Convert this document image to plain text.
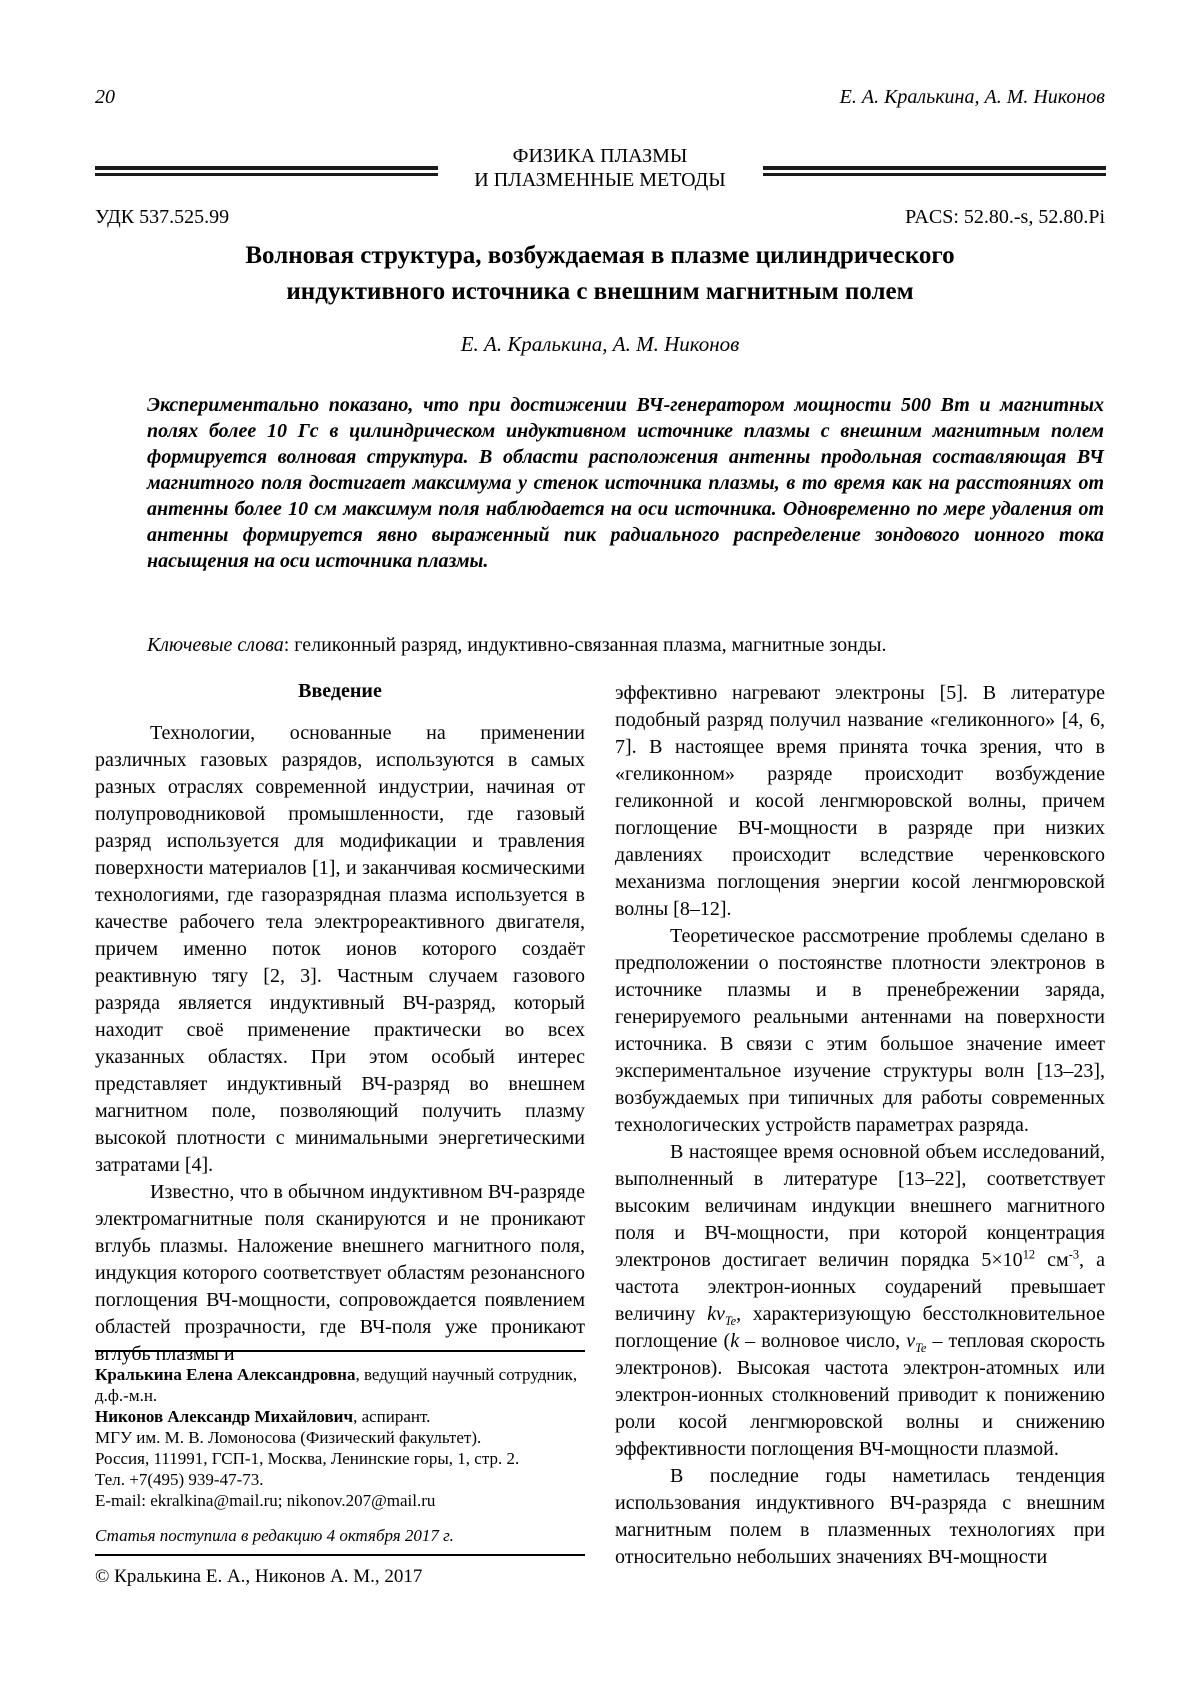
20	Е. А. Кралькина, А. М. Никонов
ФИЗИКА ПЛАЗМЫ
И ПЛАЗМЕННЫЕ МЕТОДЫ
УДК 537.525.99	PACS: 52.80.-s, 52.80.Pi
Волновая структура, возбуждаемая в плазме цилиндрического
индуктивного источника с внешним магнитным полем
Е. А. Кралькина, А. М. Никонов
Экспериментально показано, что при достижении ВЧ-генератором мощности 500 Вт и магнитных полях более 10 Гс в цилиндрическом индуктивном источнике плазмы с внешним магнитным полем формируется волновая структура. В области расположения антенны продольная составляющая ВЧ магнитного поля достигает максимума у стенок источника плазмы, в то время как на расстояниях от антенны более 10 см максимум поля наблюдается на оси источника. Одновременно по мере удаления от антенны формируется явно выраженный пик радиального распределение зондового ионного тока насыщения на оси источника плазмы.
Ключевые слова: геликонный разряд, индуктивно-связанная плазма, магнитные зонды.
Введение

Технологии, основанные на применении различных газовых разрядов, используются в самых разных отраслях современной индустрии, начиная от полупроводниковой промышленности, где газовый разряд используется для модификации и травления поверхности материалов [1], и заканчивая космическими технологиями, где газоразрядная плазма используется в качестве рабочего тела электрореактивного двигателя, причем именно поток ионов которого создаёт реактивную тягу [2, 3]. Частным случаем газового разряда является индуктивный ВЧ-разряд, который находит своё применение практически во всех указанных областях. При этом особый интерес представляет индуктивный ВЧ-разряд во внешнем магнитном поле, позволяющий получить плазму высокой плотности с минимальными энергетическими затратами [4].

Известно, что в обычном индуктивном ВЧ-разряде электромагнитные поля сканируются и не проникают вглубь плазмы. Наложение внешнего магнитного поля, индукция которого соответствует областям резонансного поглощения ВЧ-мощности, сопровождается появлением областей прозрачности, где ВЧ-поля уже проникают вглубь плазмы и

Кралькина Елена Александровна, ведущий научный сотрудник, д.ф.-м.н.

Никонов Александр Михайлович, аспирант.

МГУ им. М. В. Ломоносова (Физический факультет).

Россия, 111991, ГСП-1, Москва, Ленинские горы, 1, стр. 2.

Тел. +7(495) 939-47-73.

E-mail: ekralkina@mail.ru; nikonov.207@mail.ru

Статья поступила в редакцию 4 октября 2017 г.

© Кралькина Е. А., Никонов А. М., 2017

эффективно нагревают электроны [5]. В литературе подобный разряд получил название «геликонного» [4, 6, 7]. В настоящее время принята точка зрения, что в «геликонном» разряде происходит возбуждение геликонной и косой ленгмюровской волны, причем поглощение ВЧ-мощности в разряде при низких давлениях происходит вследствие черенковского механизма поглощения энергии косой ленгмюровской волны [8–12].

Теоретическое рассмотрение проблемы сделано в предположении о постоянстве плотности электронов в источнике плазмы и в пренебрежении заряда, генерируемого реальными антеннами на поверхности источника. В связи с этим большое значение имеет экспериментальное изучение структуры волн [13–23], возбуждаемых при типичных для работы современных технологических устройств параметрах разряда.

В настоящее время основной объем исследований, выполненный в литературе [13–22], соответствует высоким величинам индукции внешнего магнитного поля и ВЧ-мощности, при которой концентрация электронов достигает величин порядка $5\times 10^{12}$ $см^{-3}$, а частота электрон-ионных соударений превышает величину $kv_{Te}$, характеризующую бесстолкновительное поглощение (k – волновое число, $v_{Te}$ – тепловая скорость электронов). Высокая частота электрон-атомных или электрон-ионных столкновений приводит к понижению роли косой ленгмюровской волны и снижению эффективности поглощения ВЧ-мощности плазмой.

В последние годы наметилась тенденция использования индуктивного ВЧ-разряда с внешним магнитным полем в плазменных технологиях при относительно небольших значениях ВЧ-мощности
